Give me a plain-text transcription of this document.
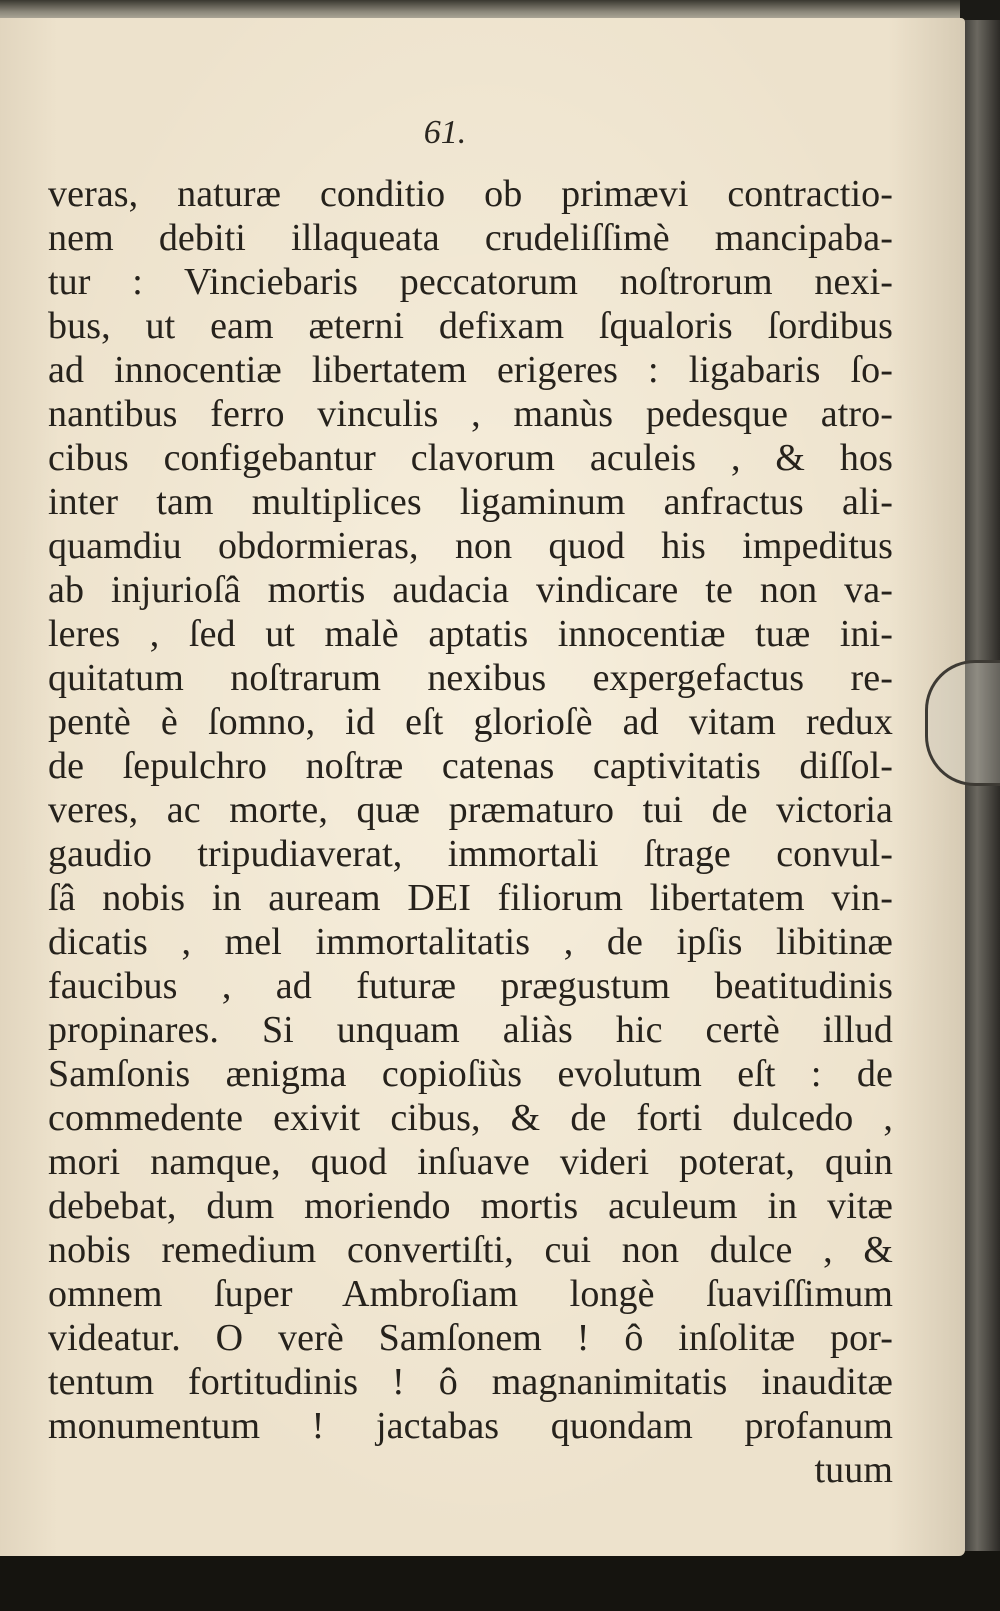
61.
veras, naturæ conditio ob primævi contractio-
nem debiti illaqueata crudeliſſimè mancipaba-
tur : Vinciebaris peccatorum noſtrorum nexi-
bus, ut eam æterni defixam ſqualoris ſordibus
ad innocentiæ libertatem erigeres : ligabaris ſo-
nantibus ferro vinculis , manùs pedesque atro-
cibus configebantur clavorum aculeis , & hos
inter tam multiplices ligaminum anfractus ali-
quamdiu obdormieras, non quod his impeditus
ab injurioſâ mortis audacia vindicare te non va-
leres , ſed ut malè aptatis innocentiæ tuæ ini-
quitatum noſtrarum nexibus expergefactus re-
pentè è ſomno, id eſt glorioſè ad vitam redux
de ſepulchro noſtræ catenas captivitatis diſſol-
veres, ac morte, quæ præmaturo tui de victoria
gaudio tripudiaverat, immortali ſtrage convul-
ſâ nobis in auream DEI filiorum libertatem vin-
dicatis , mel immortalitatis , de ipſis libitinæ
faucibus , ad futuræ prægustum beatitudinis
propinares. Si unquam aliàs hic certè illud
Samſonis ænigma copioſiùs evolutum eſt : de
commedente exivit cibus, & de forti dulcedo ,
mori namque, quod inſuave videri poterat, quin
debebat, dum moriendo mortis aculeum in vitæ
nobis remedium convertiſti, cui non dulce , &
omnem ſuper Ambroſiam longè ſuaviſſimum
videatur. O verè Samſonem ! ô inſolitæ por-
tentum fortitudinis ! ô magnanimitatis inauditæ
monumentum ! jactabas quondam profanum
tuum
